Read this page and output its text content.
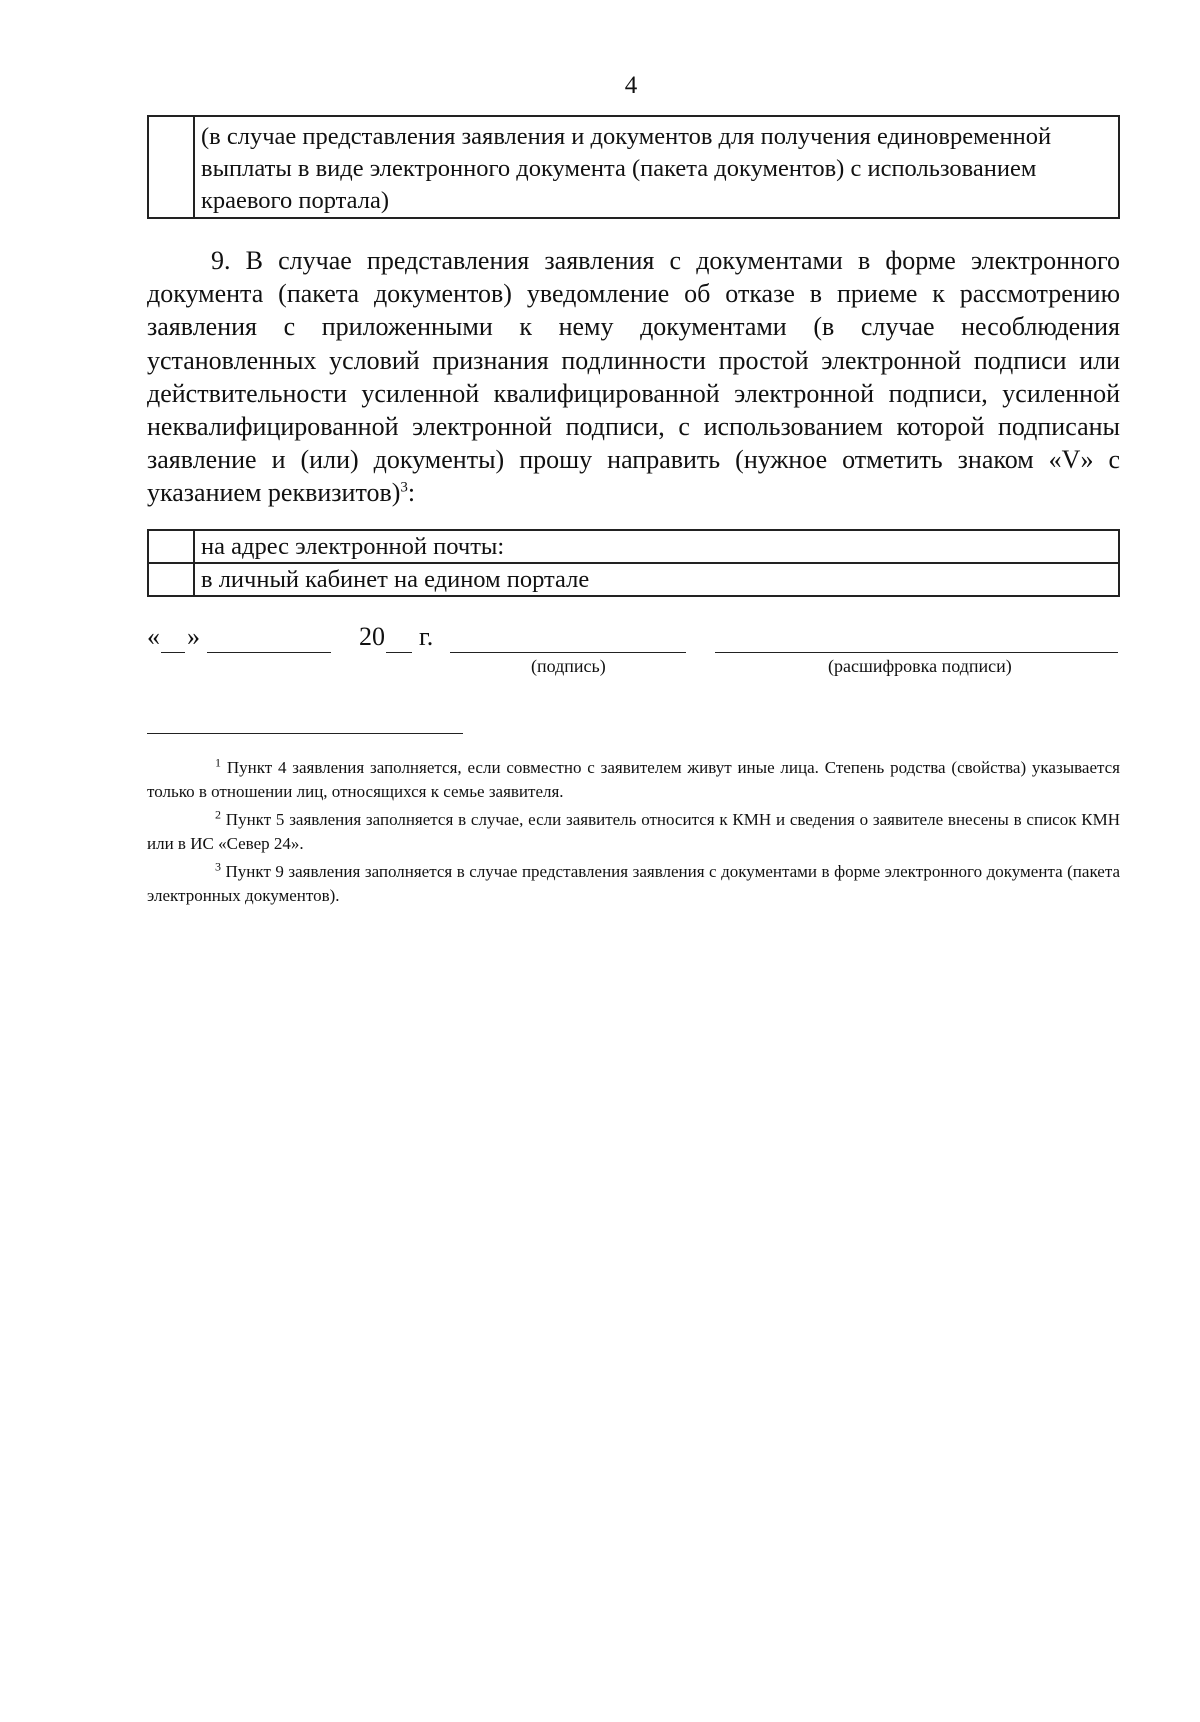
4
	(в случае представления заявления и документов для получения единовременной выплаты в виде электронного документа (пакета документов) с использованием краевого портала)
9. В случае представления заявления с документами в форме электронного документа (пакета документов) уведомление об отказе в приеме к рассмотрению заявления с приложенными к нему документами (в случае несоблюдения установленных условий признания подлинности простой электронной подписи или действительности усиленной квалифицированной электронной подписи, усиленной неквалифицированной электронной подписи, с использованием которой подписаны заявление и (или) документы) прошу направить (нужное отметить знаком «V» с указанием реквизитов)$^3$:
	на адрес электронной почты:
	в личный кабинет на едином портале
« »	20 г.
(подпись)	(расшифровка подписи)

$^1$ Пункт 4 заявления заполняется, если совместно с заявителем живут иные лица. Степень родства (свойства) указывается только в отношении лиц, относящихся к семье заявителя.

$^2$ Пункт 5 заявления заполняется в случае, если заявитель относится к КМН и сведения о заявителе внесены в список КМН или в ИС «Север 24».

$^3$ Пункт 9 заявления заполняется в случае представления заявления с документами в форме электронного документа (пакета электронных документов).
